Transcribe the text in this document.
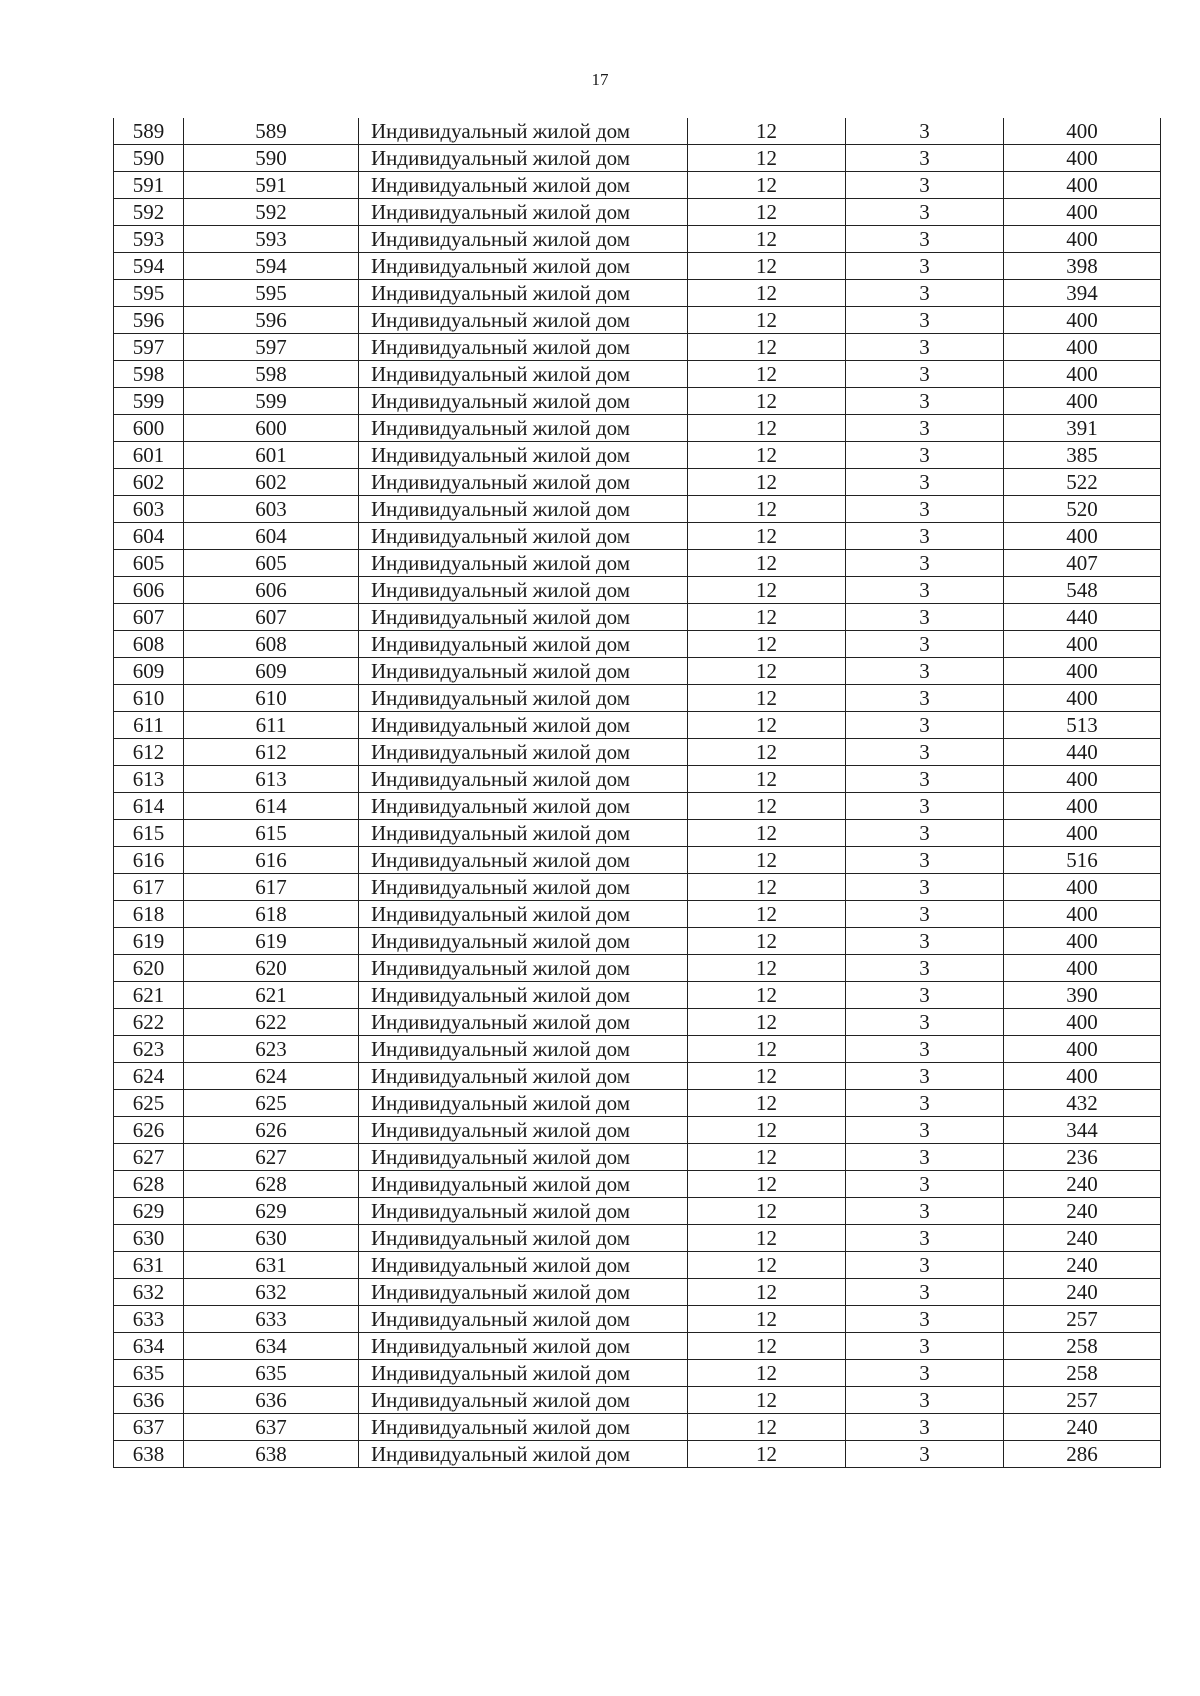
17
589	589	Индивидуальный жилой дом	12	3	400
590	590	Индивидуальный жилой дом	12	3	400
591	591	Индивидуальный жилой дом	12	3	400
592	592	Индивидуальный жилой дом	12	3	400
593	593	Индивидуальный жилой дом	12	3	400
594	594	Индивидуальный жилой дом	12	3	398
595	595	Индивидуальный жилой дом	12	3	394
596	596	Индивидуальный жилой дом	12	3	400
597	597	Индивидуальный жилой дом	12	3	400
598	598	Индивидуальный жилой дом	12	3	400
599	599	Индивидуальный жилой дом	12	3	400
600	600	Индивидуальный жилой дом	12	3	391
601	601	Индивидуальный жилой дом	12	3	385
602	602	Индивидуальный жилой дом	12	3	522
603	603	Индивидуальный жилой дом	12	3	520
604	604	Индивидуальный жилой дом	12	3	400
605	605	Индивидуальный жилой дом	12	3	407
606	606	Индивидуальный жилой дом	12	3	548
607	607	Индивидуальный жилой дом	12	3	440
608	608	Индивидуальный жилой дом	12	3	400
609	609	Индивидуальный жилой дом	12	3	400
610	610	Индивидуальный жилой дом	12	3	400
611	611	Индивидуальный жилой дом	12	3	513
612	612	Индивидуальный жилой дом	12	3	440
613	613	Индивидуальный жилой дом	12	3	400
614	614	Индивидуальный жилой дом	12	3	400
615	615	Индивидуальный жилой дом	12	3	400
616	616	Индивидуальный жилой дом	12	3	516
617	617	Индивидуальный жилой дом	12	3	400
618	618	Индивидуальный жилой дом	12	3	400
619	619	Индивидуальный жилой дом	12	3	400
620	620	Индивидуальный жилой дом	12	3	400
621	621	Индивидуальный жилой дом	12	3	390
622	622	Индивидуальный жилой дом	12	3	400
623	623	Индивидуальный жилой дом	12	3	400
624	624	Индивидуальный жилой дом	12	3	400
625	625	Индивидуальный жилой дом	12	3	432
626	626	Индивидуальный жилой дом	12	3	344
627	627	Индивидуальный жилой дом	12	3	236
628	628	Индивидуальный жилой дом	12	3	240
629	629	Индивидуальный жилой дом	12	3	240
630	630	Индивидуальный жилой дом	12	3	240
631	631	Индивидуальный жилой дом	12	3	240
632	632	Индивидуальный жилой дом	12	3	240
633	633	Индивидуальный жилой дом	12	3	257
634	634	Индивидуальный жилой дом	12	3	258
635	635	Индивидуальный жилой дом	12	3	258
636	636	Индивидуальный жилой дом	12	3	257
637	637	Индивидуальный жилой дом	12	3	240
638	638	Индивидуальный жилой дом	12	3	286
